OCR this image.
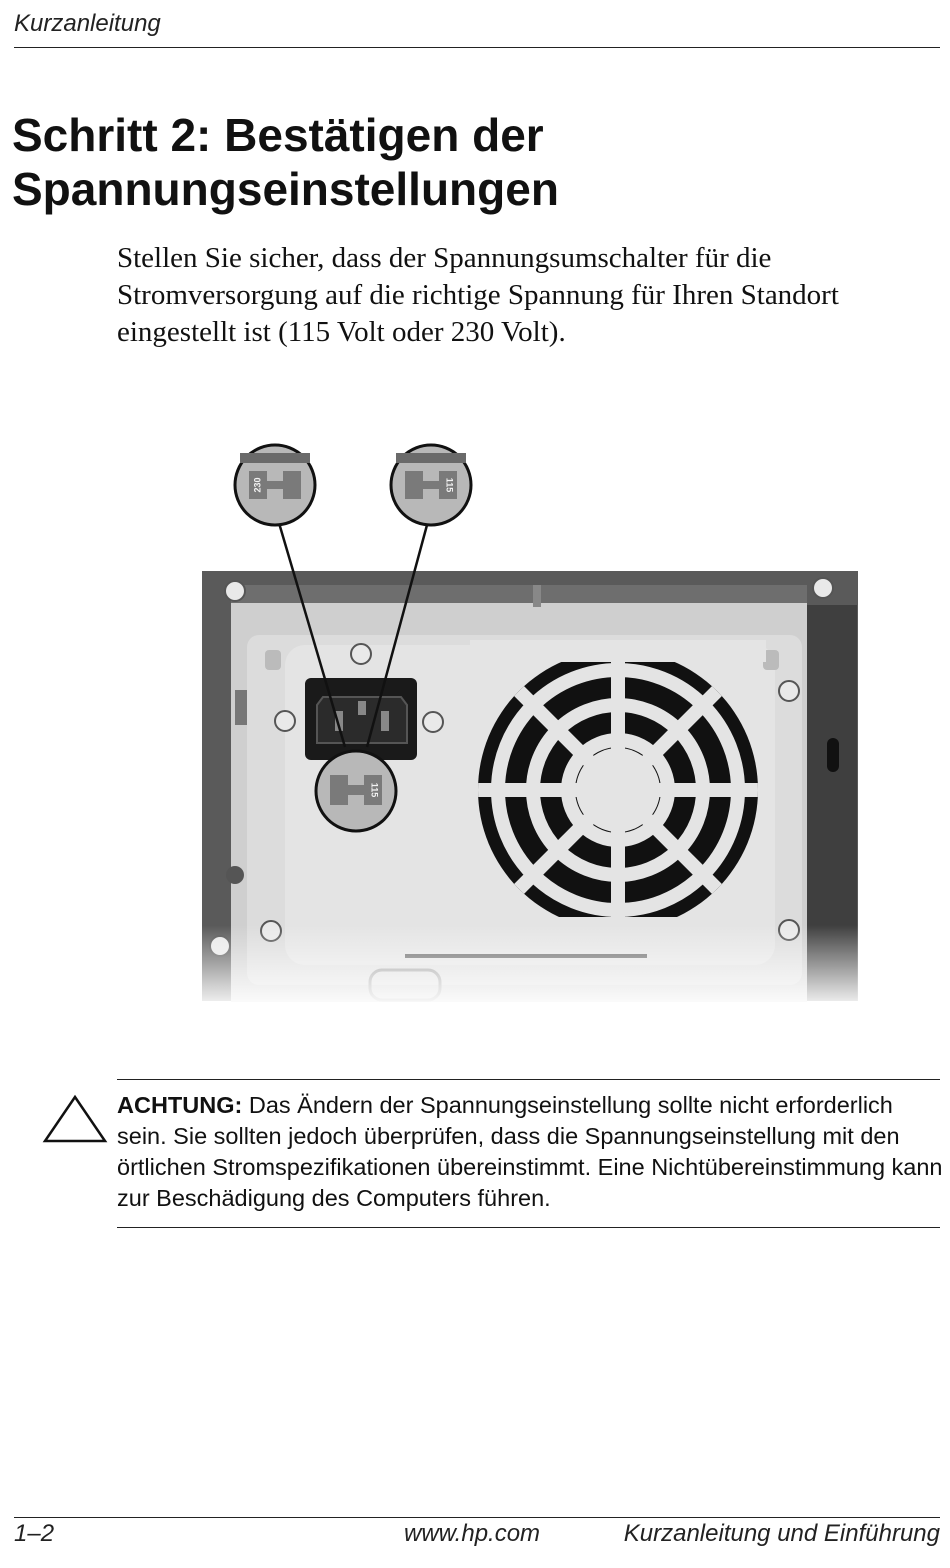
Kurzanleitung
Schritt 2: Bestätigen der
Spannungseinstellungen

Stellen Sie sicher, dass der Spannungsumschalter für die Stromversorgung auf die richtige Spannung für Ihren Standort eingestellt ist (115 Volt oder 230 Volt).

230	115
115

ACHTUNG: Das Ändern der Spannungseinstellung sollte nicht erforderlich sein. Sie sollten jedoch überprüfen, dass die Spannungseinstellung mit den örtlichen Stromspezifikationen übereinstimmt. Eine Nichtübereinstimmung kann zur Beschädigung des Computers führen.

1–2	www.hp.com	Kurzanleitung und Einführung
